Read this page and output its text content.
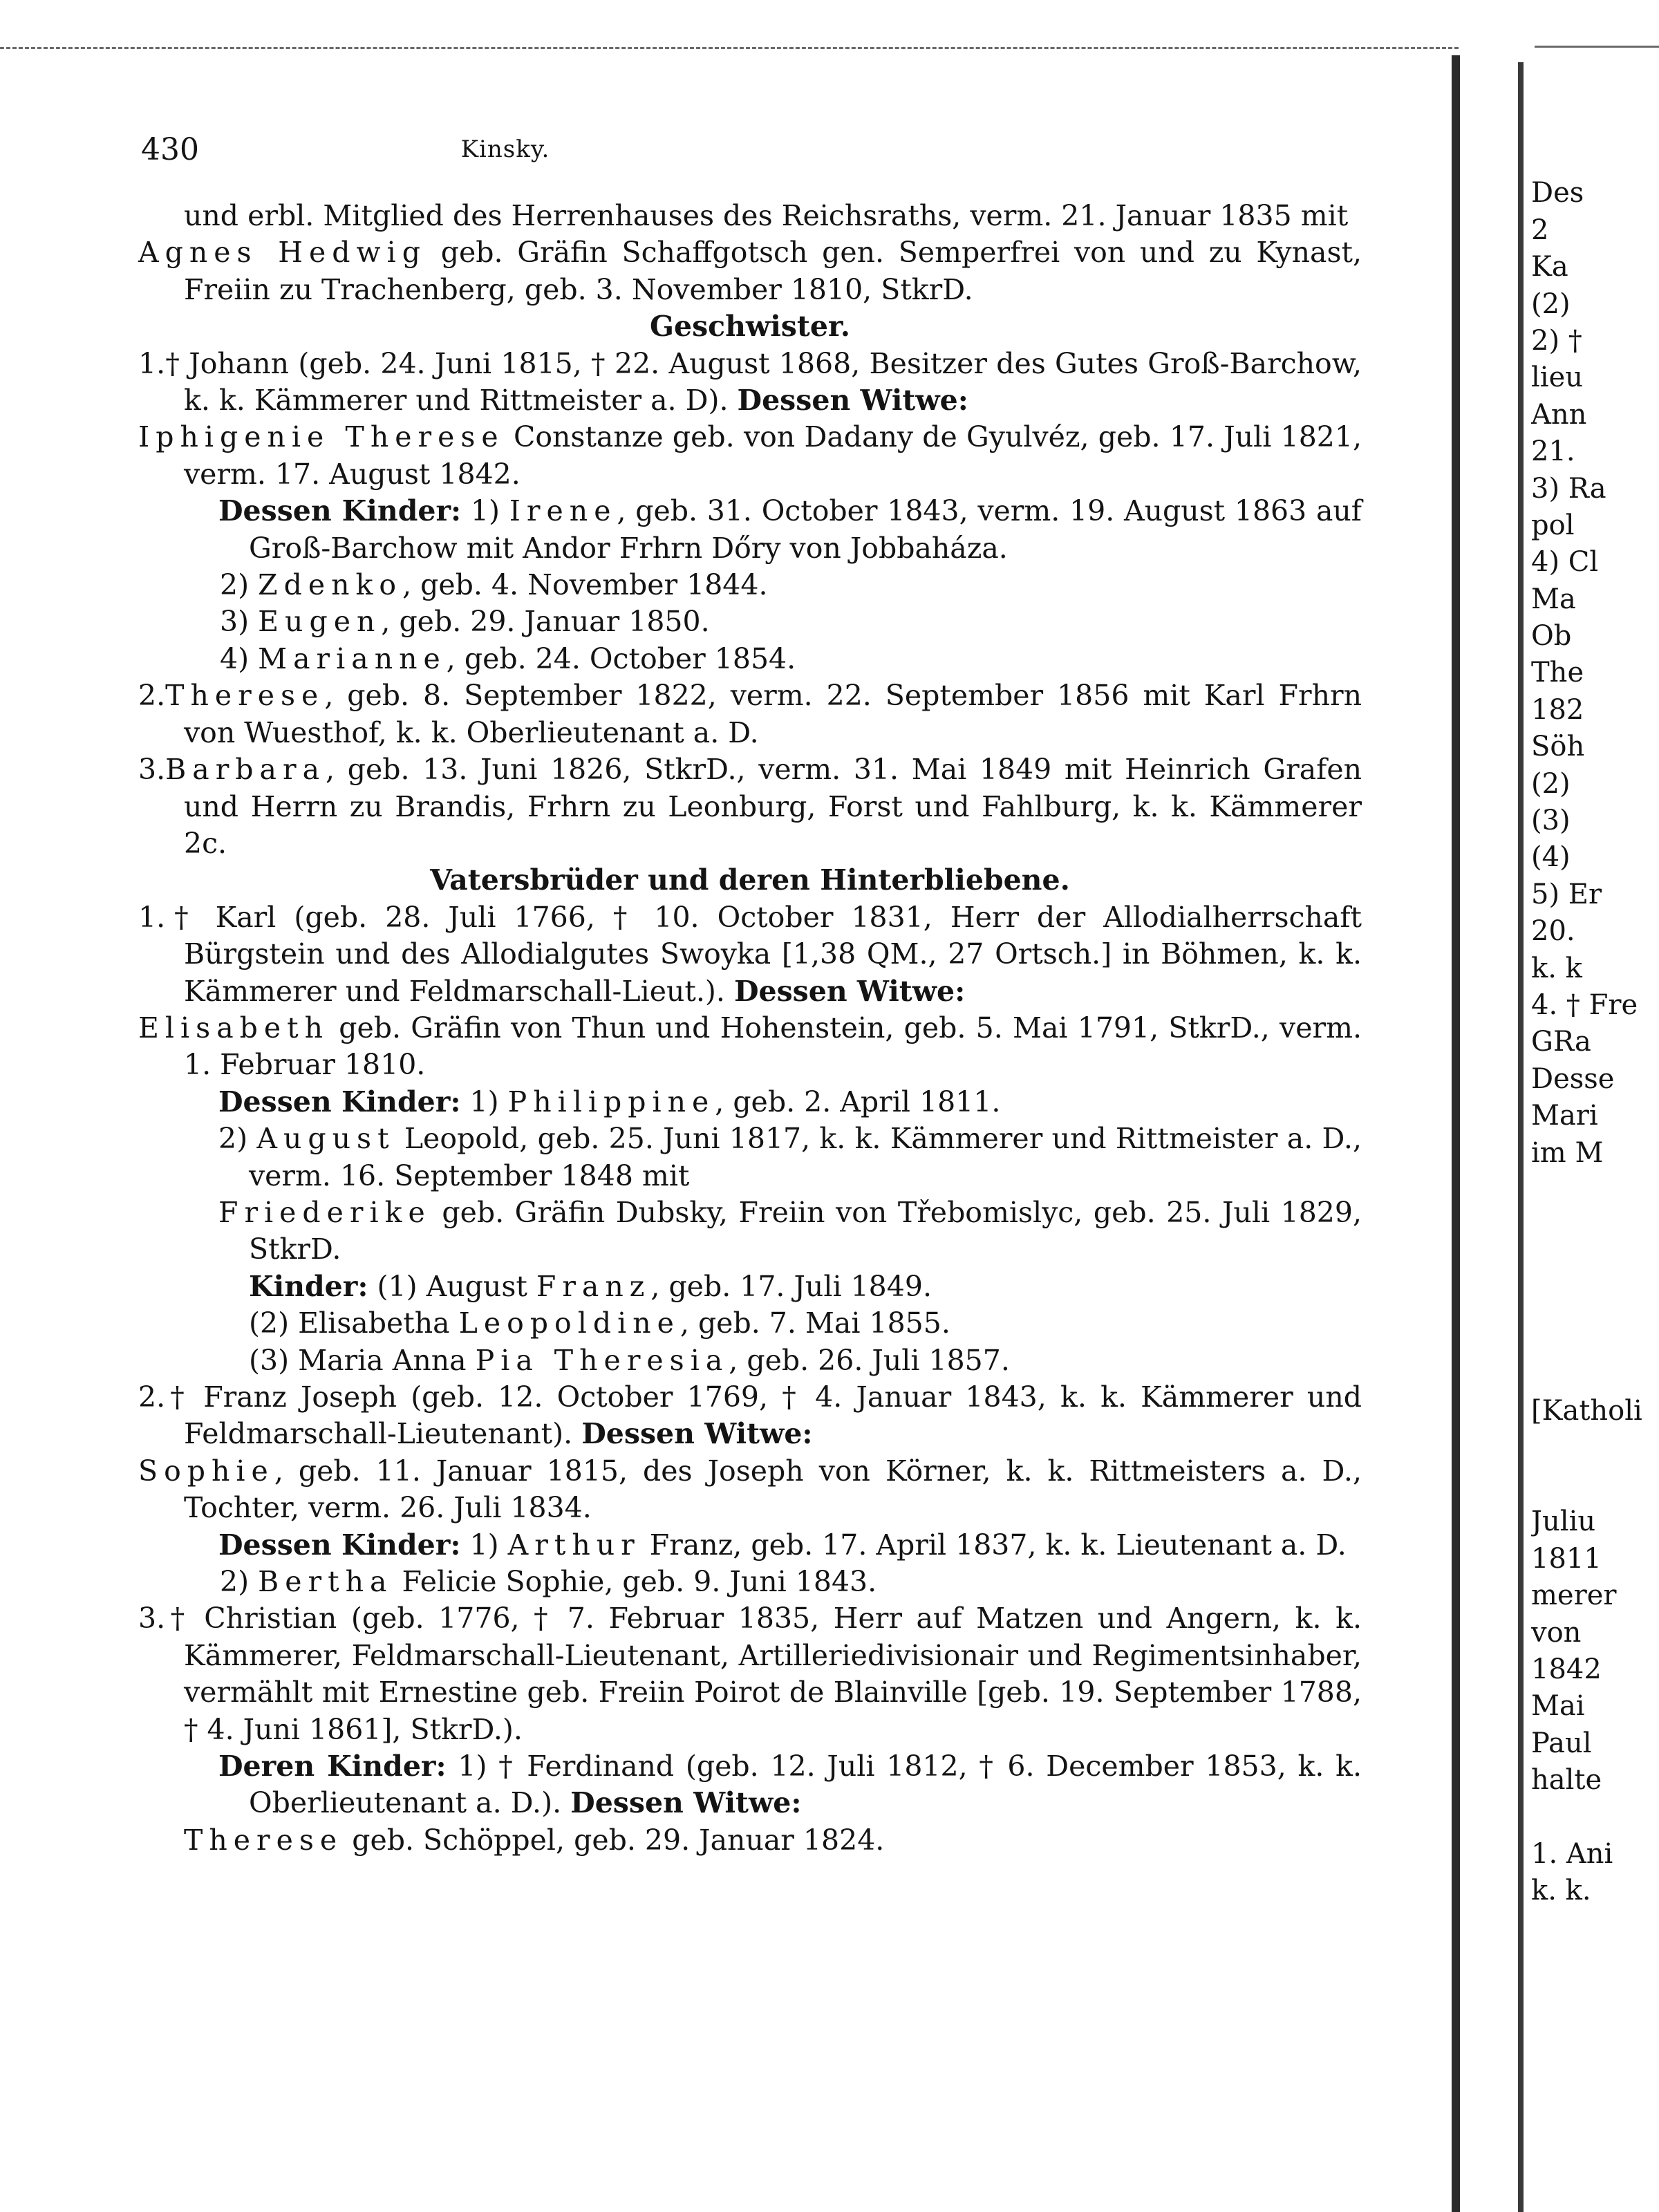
430	Kinsky.
und erbl. Mitglied des Herrenhauses des Reichsraths, verm. 21. Januar 1835 mit
Agnes Hedwig geb. Gräfin Schaffgotsch gen. Semperfrei von und zu Kynast, Freiin zu Trachenberg, geb. 3. November 1810, StkrD.
Geschwister.
1.† Johann (geb. 24. Juni 1815, † 22. August 1868, Besitzer des Gutes Groß-Barchow, k. k. Kämmerer und Rittmeister a. D). Dessen Witwe:
Iphigenie Therese Constanze geb. von Dadany de Gyulvéz, geb. 17. Juli 1821, verm. 17. August 1842.
Dessen Kinder: 1) Irene, geb. 31. October 1843, verm. 19. August 1863 auf Groß-Barchow mit Andor Frhrn Dőry von Jobbaháza.
2) Zdenko, geb. 4. November 1844.
3) Eugen, geb. 29. Januar 1850.
4) Marianne, geb. 24. October 1854.
2.Therese, geb. 8. September 1822, verm. 22. September 1856 mit Karl Frhrn von Wuesthof, k. k. Oberlieutenant a. D.
3.Barbara, geb. 13. Juni 1826, StkrD., verm. 31. Mai 1849 mit Heinrich Grafen und Herrn zu Brandis, Frhrn zu Leonburg, Forst und Fahlburg, k. k. Kämmerer 2c.
Vatersbrüder und deren Hinterbliebene.
1.† Karl (geb. 28. Juli 1766, † 10. October 1831, Herr der Allodialherrschaft Bürgstein und des Allodialgutes Swoyka [1,38 QM., 27 Ortsch.] in Böhmen, k. k. Kämmerer und Feldmarschall-Lieut.). Dessen Witwe:
Elisabeth geb. Gräfin von Thun und Hohenstein, geb. 5. Mai 1791, StkrD., verm. 1. Februar 1810.
Dessen Kinder: 1) Philippine, geb. 2. April 1811.
2) August Leopold, geb. 25. Juni 1817, k. k. Kämmerer und Rittmeister a. D., verm. 16. September 1848 mit
Friederike geb. Gräfin Dubsky, Freiin von Třebomislyc, geb. 25. Juli 1829, StkrD.
Kinder: (1) August Franz, geb. 17. Juli 1849.
(2) Elisabetha Leopoldine, geb. 7. Mai 1855.
(3) Maria Anna Pia Theresia, geb. 26. Juli 1857.
2.† Franz Joseph (geb. 12. October 1769, † 4. Januar 1843, k. k. Kämmerer und Feldmarschall-Lieutenant). Dessen Witwe:
Sophie, geb. 11. Januar 1815, des Joseph von Körner, k. k. Rittmeisters a. D., Tochter, verm. 26. Juli 1834.
Dessen Kinder: 1) Arthur Franz, geb. 17. April 1837, k. k. Lieutenant a. D.
2) Bertha Felicie Sophie, geb. 9. Juni 1843.
3.† Christian (geb. 1776, † 7. Februar 1835, Herr auf Matzen und Angern, k. k. Kämmerer, Feldmarschall-Lieutenant, Artilleriedivisionair und Regimentsinhaber, vermählt mit Ernestine geb. Freiin Poirot de Blainville [geb. 19. September 1788, † 4. Juni 1861], StkrD.).
Deren Kinder: 1) † Ferdinand (geb. 12. Juli 1812, † 6. December 1853, k. k. Oberlieutenant a. D.). Dessen Witwe:
Therese geb. Schöppel, geb. 29. Januar 1824.
Des
2
Ka
(2)
2) †
lieu
Ann
21.
3) Ra
pol
4) Cl
Ma
Ob
The
182
Söh
(2)
(3)
(4)
5) Er
20.
k. k
4. † Fre
GRa
Desse
Mari
im M
[Katholi
Juliu
1811
merer
von
1842
Mai
Paul
halte
1. Ani
k. k.
